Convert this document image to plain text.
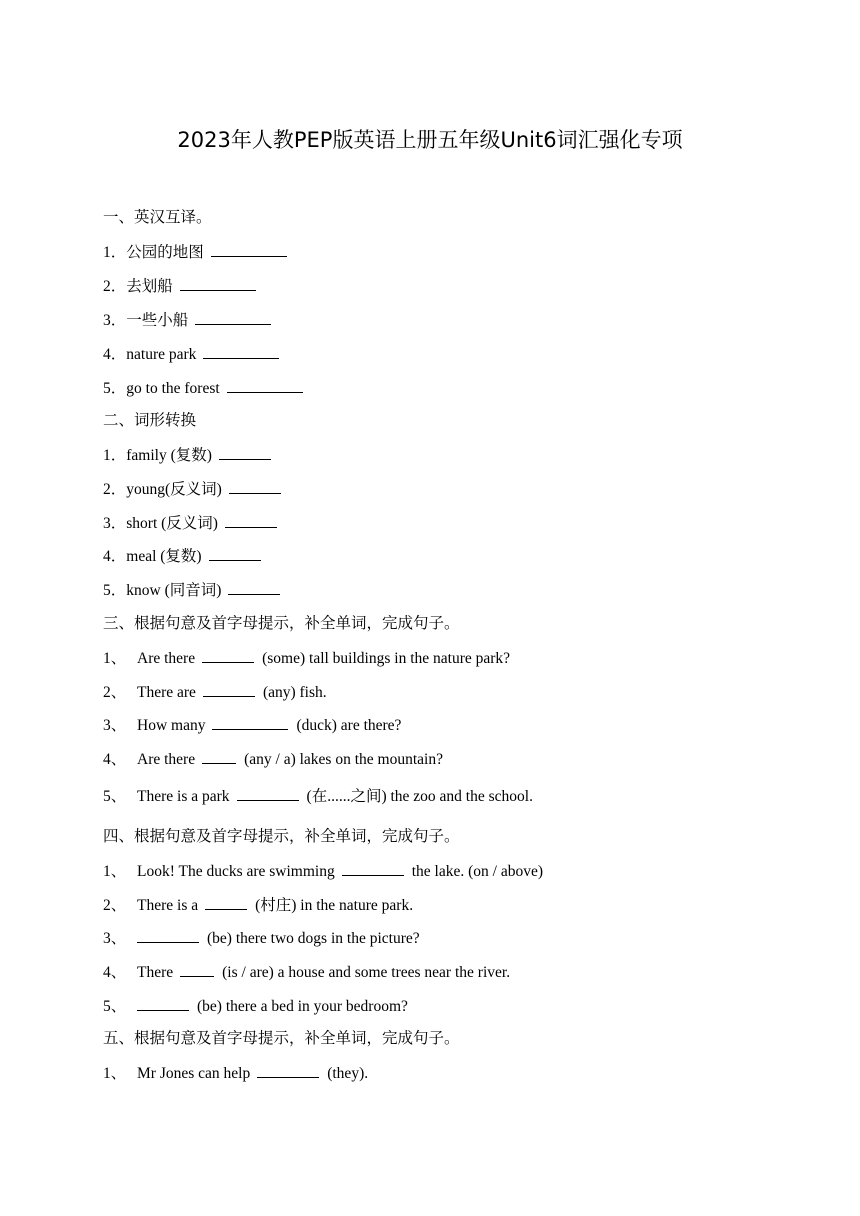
2023年人教PEP版英语上册五年级Unit6词汇强化专项
一、英汉互译。
1．公园的地图
2．去划船
3．一些小船
4．nature park
5．go to the forest
二、词形转换
1．family (复数)
2．young(反义词)
3．short (反义词)
4．meal (复数)
5．know (同音词)
三、根据句意及首字母提示，补全单词，完成句子。
1、 Are there	(some) tall buildings in the nature park?
2、 There are	(any) fish.
3、 How many	(duck) are there?
4、 Are there	(any / a) lakes on the mountain?
5、 There is a park	(在......之间) the zoo and the school.
四、根据句意及首字母提示，补全单词，完成句子。
1、 Look! The ducks are swimming	the lake. (on / above)
2、 There is a	(村庄) in the nature park.
3、	(be) there two dogs in the picture?
4、 There	(is / are) a house and some trees near the river.
5、	(be) there a bed in your bedroom?
五、根据句意及首字母提示，补全单词，完成句子。
1、 Mr Jones can help	(they).
